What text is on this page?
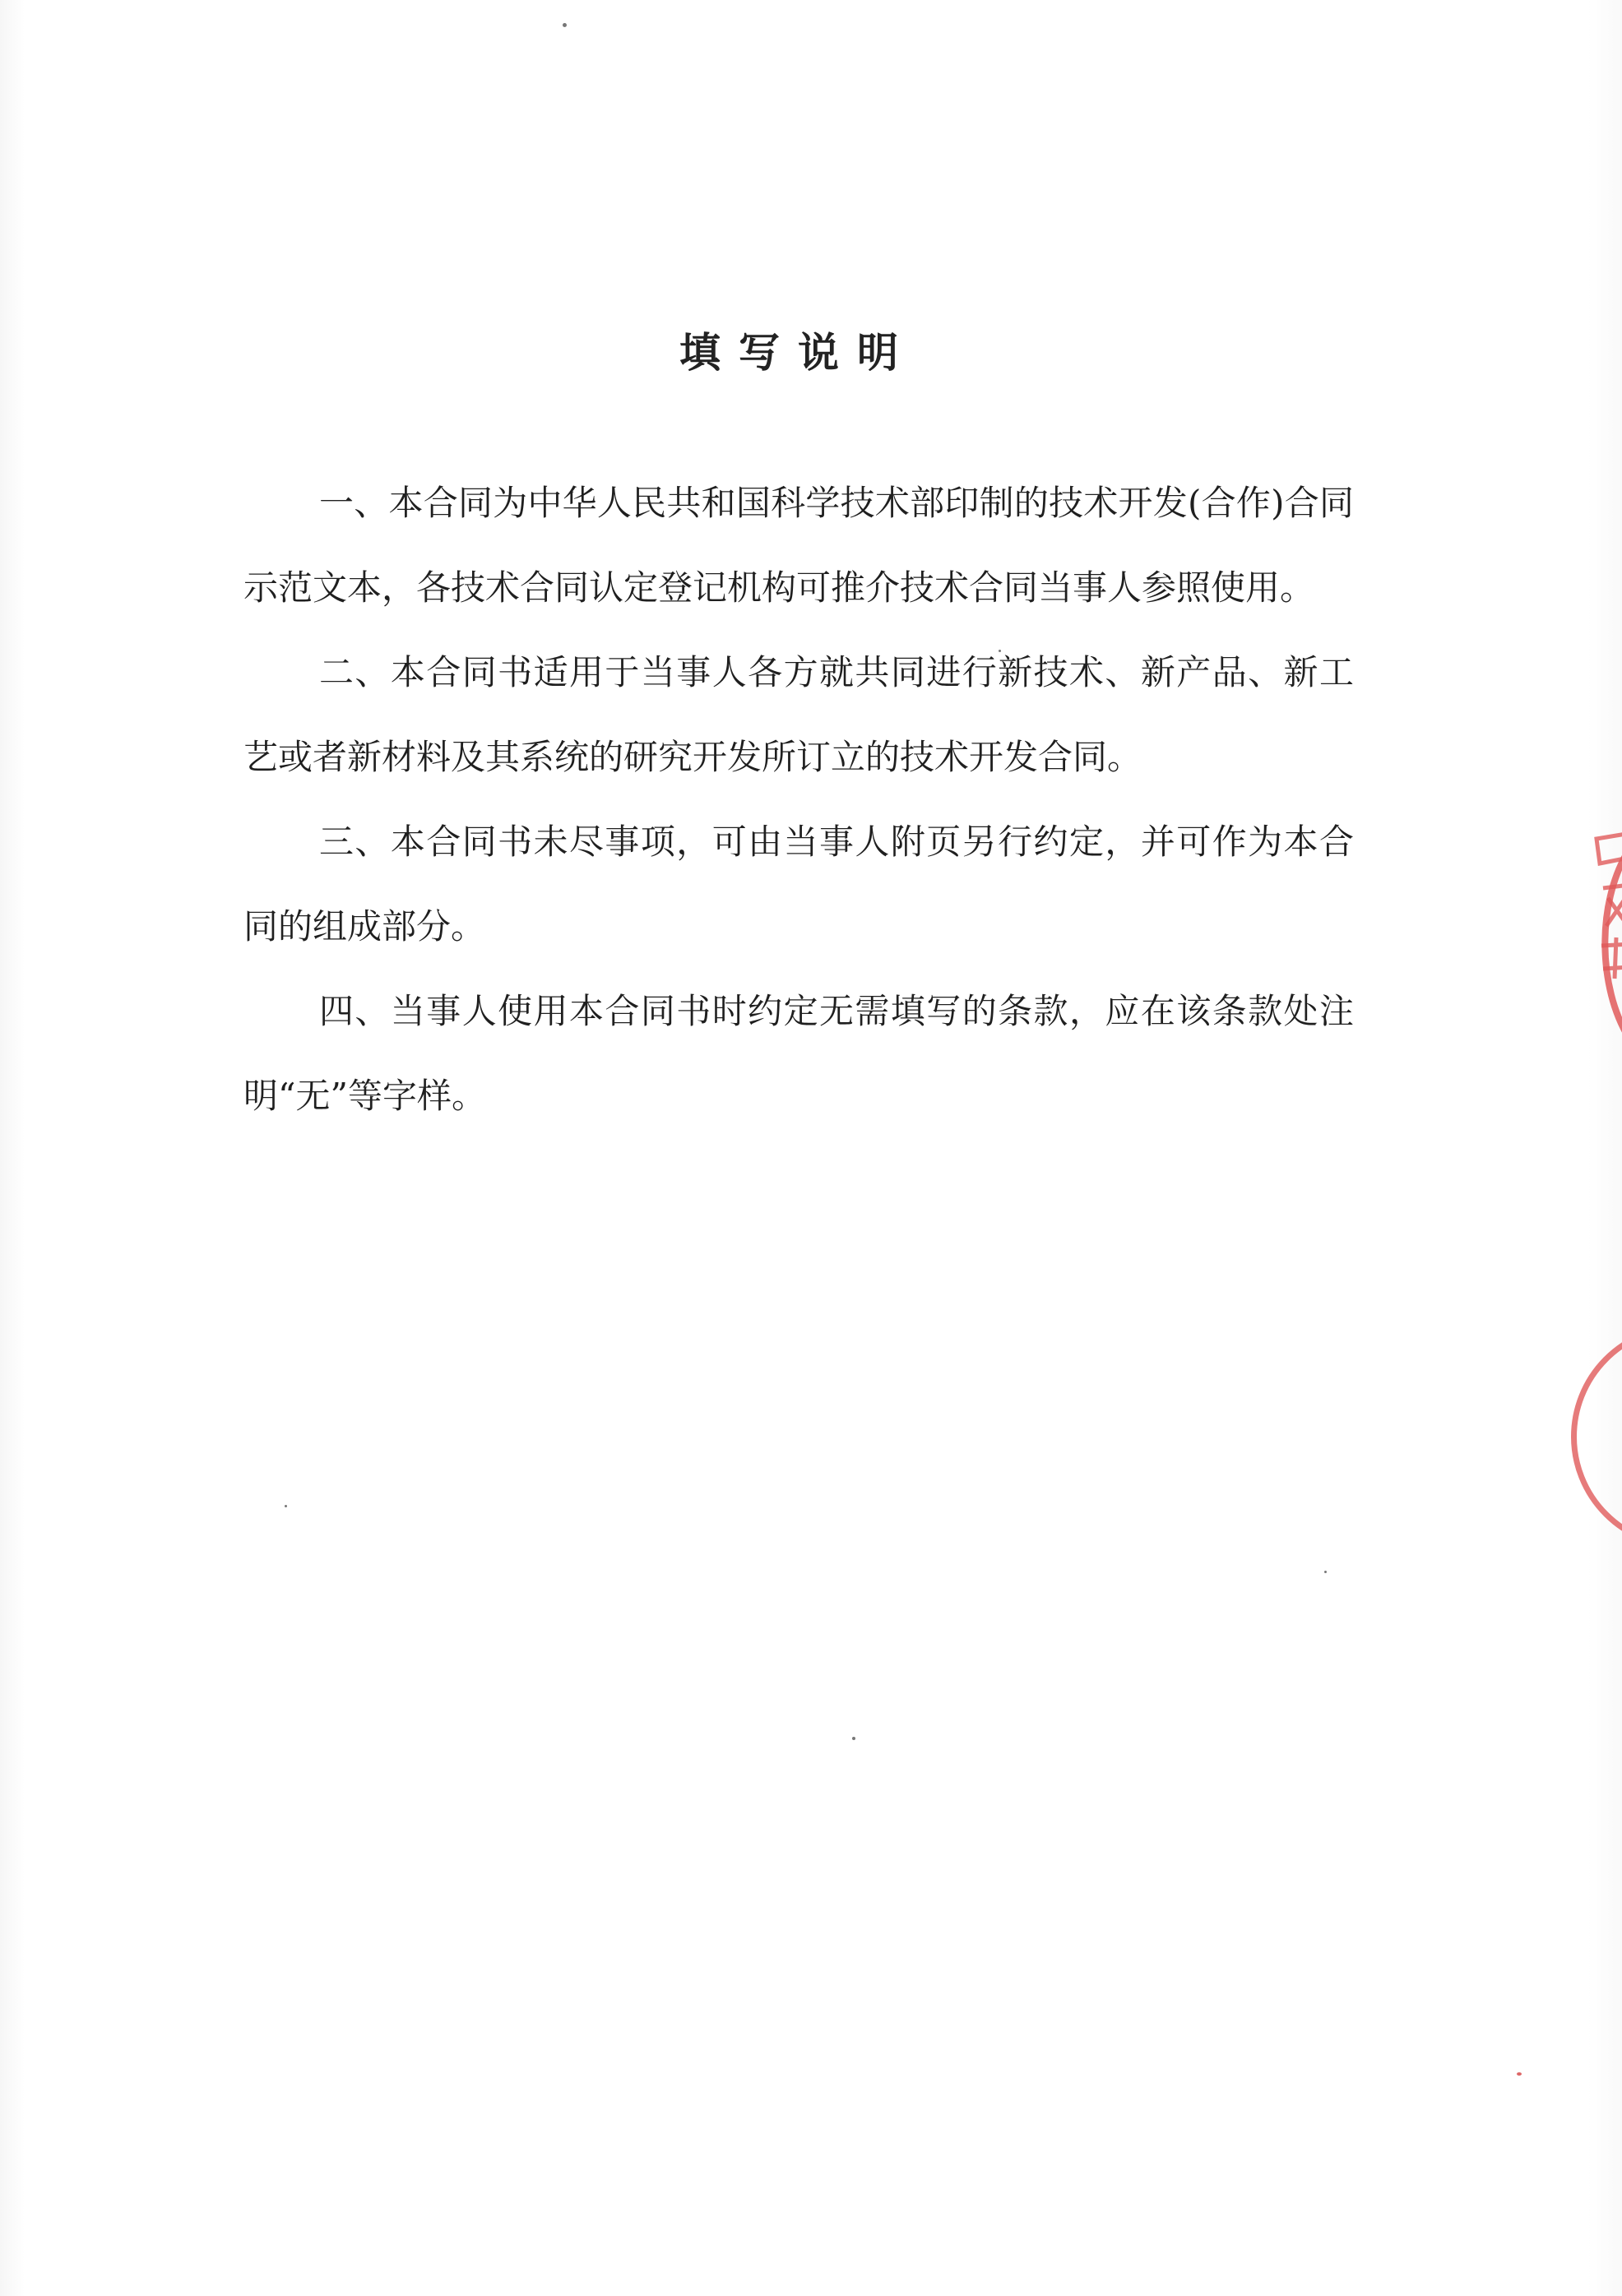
填写说明

一、本合同为中华人民共和国科学技术部印制的技术开发(合作)合同示范文本，各技术合同认定登记机构可推介技术合同当事人参照使用。

二、本合同书适用于当事人各方就共同进行新技术、新产品、新工艺或者新材料及其系统的研究开发所订立的技术开发合同。

三、本合同书未尽事项，可由当事人附页另行约定，并可作为本合同的组成部分。

四、当事人使用本合同书时约定无需填写的条款，应在该条款处注明“无”等字样。
